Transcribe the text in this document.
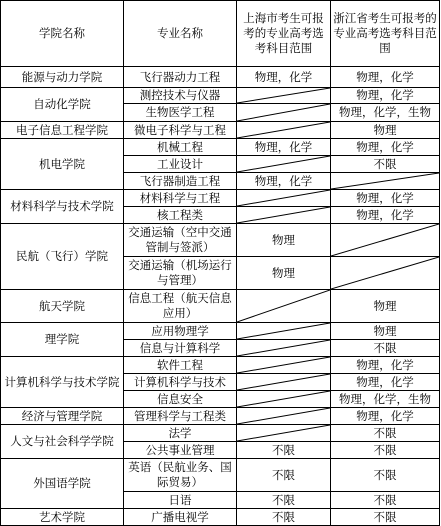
学院名称	专业名称	上海市考生可报考的专业高考选考科目范围	浙江省考生可报考的专业高考选考科目范围
能源与动力学院	飞行器动力工程	物理，化学	物理，化学
自动化学院	测控技术与仪器		物理，化学
	生物医学工程		物理，化学，生物
电子信息工程学院	微电子科学与工程		物理
机电学院	机械工程	物理，化学	物理，化学
	工业设计		不限
	飞行器制造工程	物理，化学	

材料科学与技术学院	材料科学与工程		物理，化学
	核工程类		物理，化学
民航（飞行）学院	交通运输（空中交通管制与签派）	物理	

	交通运输（机场运行与管理）	物理	

航天学院	信息工程（航天信息应用）		物理
理学院	应用物理学		物理
	信息与计算科学		不限
计算机科学与技术学院	软件工程		物理，化学
	计算机科学与技术		物理，化学
	信息安全		物理，化学，生物
经济与管理学院	管理科学与工程类		物理，化学
人文与社会科学学院	法学		不限
	公共事业管理	不限	不限
外国语学院	英语（民航业务、国际贸易）	不限	不限
	日语	不限	不限
艺术学院	广播电视学	不限	不限
